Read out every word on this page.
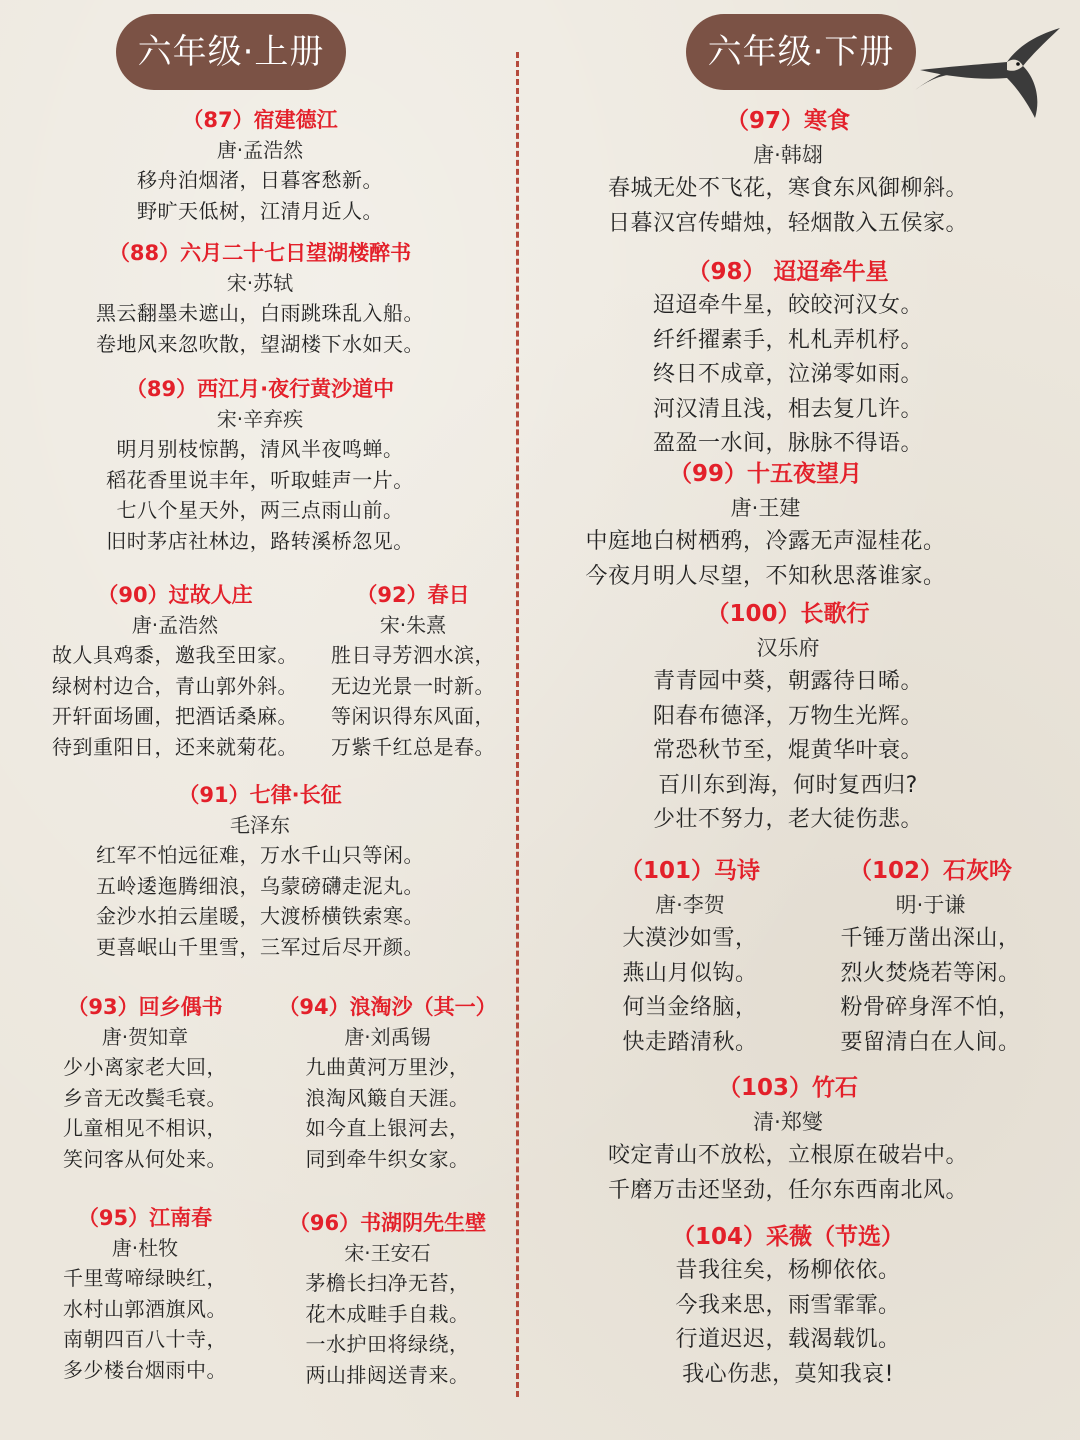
六年级·上册
（87）宿建德江
唐·孟浩然
移舟泊烟渚，日暮客愁新。
野旷天低树，江清月近人。
（88）六月二十七日望湖楼醉书
宋·苏轼
黑云翻墨未遮山，白雨跳珠乱入船。
卷地风来忽吹散，望湖楼下水如天。
（89）西江月·夜行黄沙道中
宋·辛弃疾
明月别枝惊鹊，清风半夜鸣蝉。
稻花香里说丰年，听取蛙声一片。
七八个星天外，两三点雨山前。
旧时茅店社林边，路转溪桥忽见。
（90）过故人庄
唐·孟浩然
故人具鸡黍，邀我至田家。
绿树村边合，青山郭外斜。
开轩面场圃，把酒话桑麻。
待到重阳日，还来就菊花。
（92）春日
宋·朱熹
胜日寻芳泗水滨，
无边光景一时新。
等闲识得东风面，
万紫千红总是春。
（91）七律·长征
毛泽东
红军不怕远征难，万水千山只等闲。
五岭逶迤腾细浪，乌蒙磅礴走泥丸。
金沙水拍云崖暖，大渡桥横铁索寒。
更喜岷山千里雪，三军过后尽开颜。
（93）回乡偶书
唐·贺知章
少小离家老大回，
乡音无改鬓毛衰。
儿童相见不相识，
笑问客从何处来。
（94）浪淘沙（其一）
唐·刘禹锡
九曲黄河万里沙，
浪淘风簸自天涯。
如今直上银河去，
同到牵牛织女家。
（95）江南春
唐·杜牧
千里莺啼绿映红，
水村山郭酒旗风。
南朝四百八十寺，
多少楼台烟雨中。
（96）书湖阴先生壁
宋·王安石
茅檐长扫净无苔，
花木成畦手自栽。
一水护田将绿绕，
两山排闼送青来。
六年级·下册
（97）寒食
唐·韩翃
春城无处不飞花，寒食东风御柳斜。
日暮汉宫传蜡烛，轻烟散入五侯家。
（98） 迢迢牵牛星
迢迢牵牛星，皎皎河汉女。
纤纤擢素手，札札弄机杼。
终日不成章，泣涕零如雨。
河汉清且浅，相去复几许。
盈盈一水间，脉脉不得语。
（99）十五夜望月
唐·王建
中庭地白树栖鸦，冷露无声湿桂花。
今夜月明人尽望，不知秋思落谁家。
（100）长歌行
汉乐府
青青园中葵，朝露待日晞。
阳春布德泽，万物生光辉。
常恐秋节至，焜黄华叶衰。
百川东到海，何时复西归?
少壮不努力，老大徒伤悲。
（101）马诗
唐·李贺
大漠沙如雪，
燕山月似钩。
何当金络脑，
快走踏清秋。
（102）石灰吟
明·于谦
千锤万凿出深山，
烈火焚烧若等闲。
粉骨碎身浑不怕，
要留清白在人间。
（103）竹石
清·郑燮
咬定青山不放松，立根原在破岩中。
千磨万击还坚劲，任尔东西南北风。
（104）采薇（节选）
昔我往矣，杨柳依依。
今我来思，雨雪霏霏。
行道迟迟，载渴载饥。
我心伤悲，莫知我哀!
